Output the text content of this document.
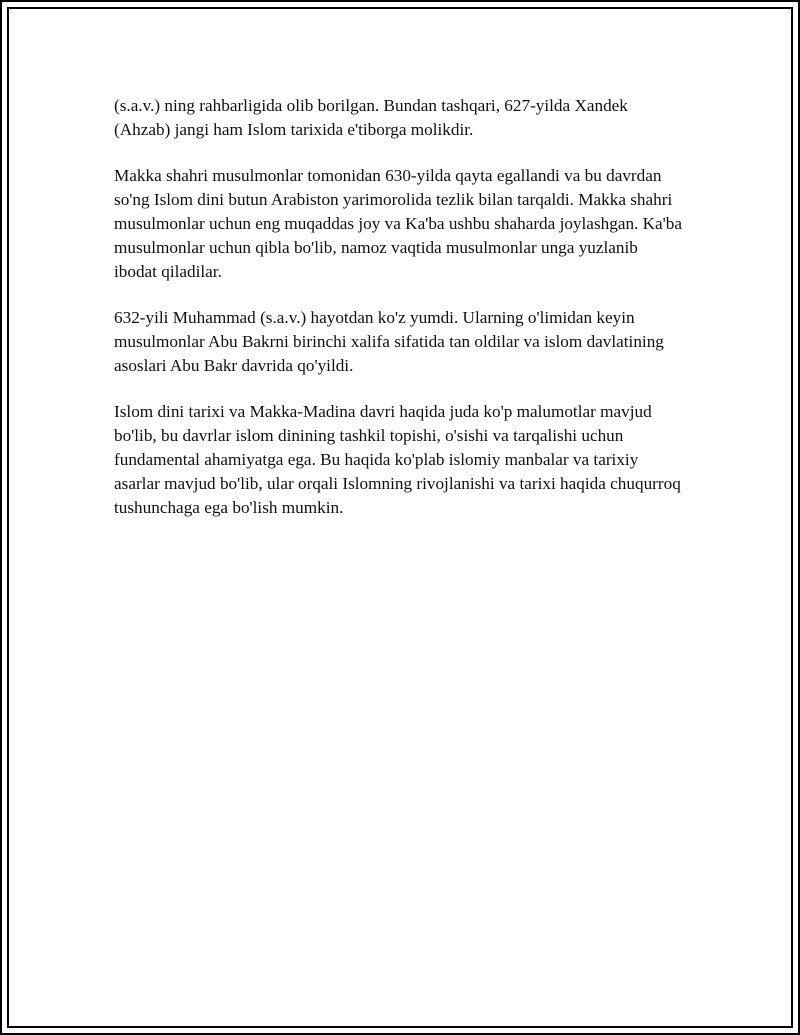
(s.a.v.) ning rahbarligida olib borilgan. Bundan tashqari, 627-yilda Xandek (Ahzab) jangi ham Islom tarixida e'tiborga molikdir.

Makka shahri musulmonlar tomonidan 630-yilda qayta egallandi va bu davrdan so'ng Islom dini butun Arabiston yarimorolida tezlik bilan tarqaldi. Makka shahri musulmonlar uchun eng muqaddas joy va Ka'ba ushbu shaharda joylashgan. Ka'ba musulmonlar uchun qibla bo'lib, namoz vaqtida musulmonlar unga yuzlanib ibodat qiladilar.

632-yili Muhammad (s.a.v.) hayotdan ko'z yumdi. Ularning o'limidan keyin musulmonlar Abu Bakrni birinchi xalifa sifatida tan oldilar va islom davlatining asoslari Abu Bakr davrida qo'yildi.

Islom dini tarixi va Makka-Madina davri haqida juda ko'p malumotlar mavjud bo'lib, bu davrlar islom dinining tashkil topishi, o'sishi va tarqalishi uchun fundamental ahamiyatga ega. Bu haqida ko'plab islomiy manbalar va tarixiy asarlar mavjud bo'lib, ular orqali Islomning rivojlanishi va tarixi haqida chuqurroq tushunchaga ega bo'lish mumkin.
